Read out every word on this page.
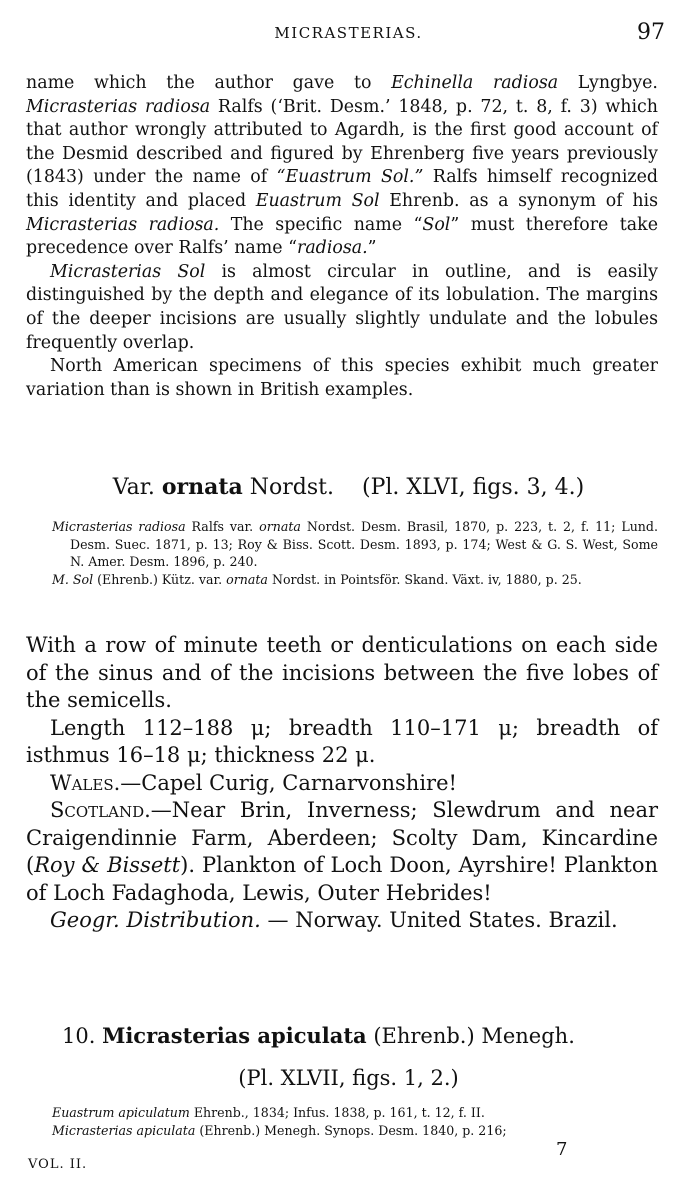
MICRASTERIAS.	97

name which the author gave to Echinella radiosa Lyngbye. Micrasterias radiosa Ralfs (‘Brit. Desm.’ 1848, p. 72, t. 8, f. 3) which that author wrongly attributed to Agardh, is the first good account of the Desmid described and figured by Ehrenberg five years previously (1843) under the name of “Euastrum Sol.” Ralfs himself recognized this identity and placed Euastrum Sol Ehrenb. as a synonym of his Micrasterias radiosa. The specific name “Sol” must therefore take precedence over Ralfs’ name “radiosa.”

Micrasterias Sol is almost circular in outline, and is easily distinguished by the depth and elegance of its lobulation. The margins of the deeper incisions are usually slightly undulate and the lobules frequently overlap.

North American specimens of this species exhibit much greater variation than is shown in British examples.

Var. ornata Nordst. (Pl. XLVI, figs. 3, 4.)

Micrasterias radiosa Ralfs var. ornata Nordst. Desm. Brasil, 1870, p. 223, t. 2, f. 11; Lund. Desm. Suec. 1871, p. 13; Roy & Biss. Scott. Desm. 1893, p. 174; West & G. S. West, Some N. Amer. Desm. 1896, p. 240.

M. Sol (Ehrenb.) Kütz. var. ornata Nordst. in Pointsför. Skand. Växt. iv, 1880, p. 25.

With a row of minute teeth or denticulations on each side of the sinus and of the incisions between the five lobes of the semicells.

Length 112–188 μ; breadth 110–171 μ; breadth of isthmus 16–18 μ; thickness 22 μ.

Wales.—Capel Curig, Carnarvonshire!

Scotland.—Near Brin, Inverness; Slewdrum and near Craigendinnie Farm, Aberdeen; Scolty Dam, Kincardine (Roy & Bissett). Plankton of Loch Doon, Ayrshire! Plankton of Loch Fadaghoda, Lewis, Outer Hebrides!

Geogr. Distribution. — Norway. United States. Brazil.

10. Micrasterias apiculata (Ehrenb.) Menegh.
(Pl. XLVII, figs. 1, 2.)

Euastrum apiculatum Ehrenb., 1834; Infus. 1838, p. 161, t. 12, f. II.

Micrasterias apiculata (Ehrenb.) Menegh. Synops. Desm. 1840, p. 216;

VOL. II.
7
